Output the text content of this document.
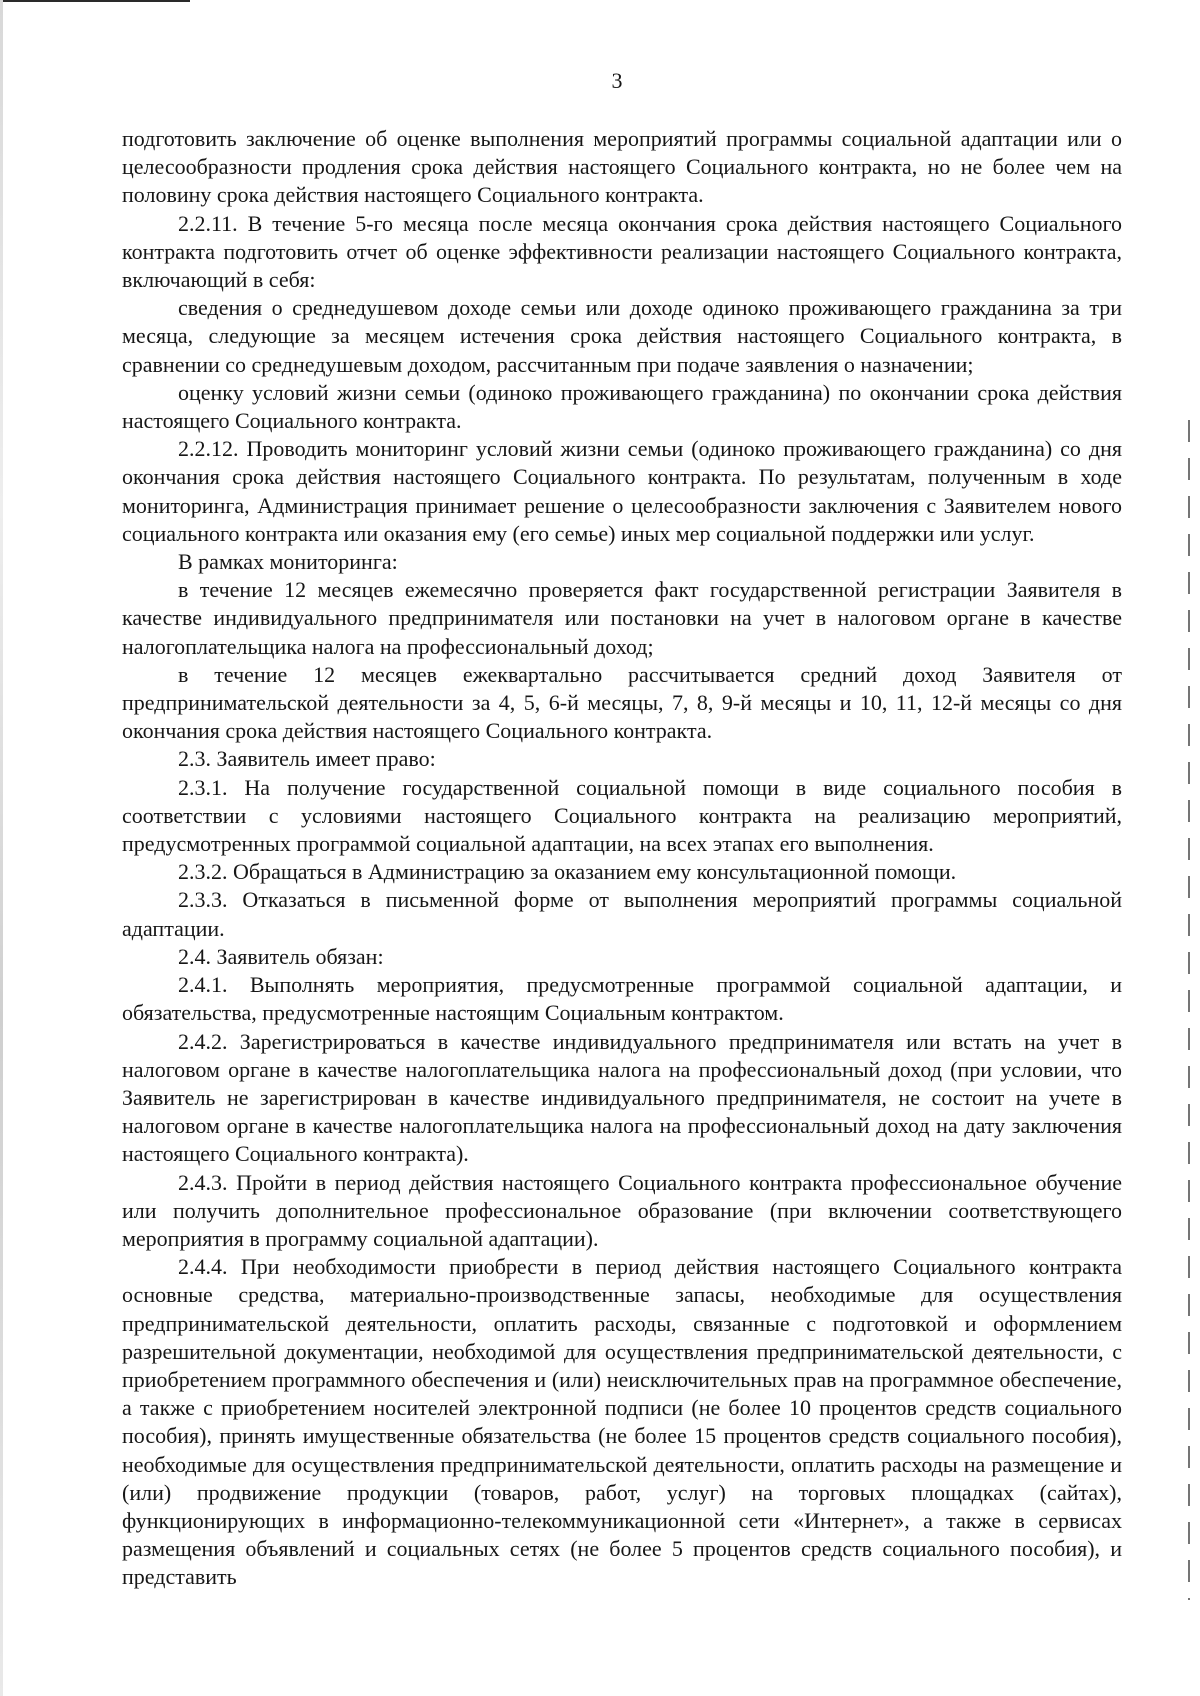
3

подготовить заключение об оценке выполнения мероприятий программы социальной адаптации или о целесообразности продления срока действия настоящего Социального контракта, но не более чем на половину срока действия настоящего Социального контракта.

2.2.11. В течение 5-го месяца после месяца окончания срока действия настоящего Социального контракта подготовить отчет об оценке эффективности реализации настоящего Социального контракта, включающий в себя:

сведения о среднедушевом доходе семьи или доходе одиноко проживающего гражданина за три месяца, следующие за месяцем истечения срока действия настоящего Социального контракта, в сравнении со среднедушевым доходом, рассчитанным при подаче заявления о назначении;

оценку условий жизни семьи (одиноко проживающего гражданина) по окончании срока действия настоящего Социального контракта.

2.2.12. Проводить мониторинг условий жизни семьи (одиноко проживающего гражданина) со дня окончания срока действия настоящего Социального контракта. По результатам, полученным в ходе мониторинга, Администрация принимает решение о целесообразности заключения с Заявителем нового социального контракта или оказания ему (его семье) иных мер социальной поддержки или услуг.

В рамках мониторинга:

в течение 12 месяцев ежемесячно проверяется факт государственной регистрации Заявителя в качестве индивидуального предпринимателя или постановки на учет в налоговом органе в качестве налогоплательщика налога на профессиональный доход;

в течение 12 месяцев ежеквартально рассчитывается средний доход Заявителя от предпринимательской деятельности за 4, 5, 6-й месяцы, 7, 8, 9-й месяцы и 10, 11, 12-й месяцы со дня окончания срока действия настоящего Социального контракта.

2.3. Заявитель имеет право:

2.3.1. На получение государственной социальной помощи в виде социального пособия в соответствии с условиями настоящего Социального контракта на реализацию мероприятий, предусмотренных программой социальной адаптации, на всех этапах его выполнения.

2.3.2. Обращаться в Администрацию за оказанием ему консультационной помощи.

2.3.3. Отказаться в письменной форме от выполнения мероприятий программы социальной адаптации.

2.4. Заявитель обязан:

2.4.1. Выполнять мероприятия, предусмотренные программой социальной адаптации, и обязательства, предусмотренные настоящим Социальным контрактом.

2.4.2. Зарегистрироваться в качестве индивидуального предпринимателя или встать на учет в налоговом органе в качестве налогоплательщика налога на профессиональный доход (при условии, что Заявитель не зарегистрирован в качестве индивидуального предпринимателя, не состоит на учете в налоговом органе в качестве налогоплательщика налога на профессиональный доход на дату заключения настоящего Социального контракта).

2.4.3. Пройти в период действия настоящего Социального контракта профессиональное обучение или получить дополнительное профессиональное образование (при включении соответствующего мероприятия в программу социальной адаптации).

2.4.4. При необходимости приобрести в период действия настоящего Социального контракта основные средства, материально-производственные запасы, необходимые для осуществления предпринимательской деятельности, оплатить расходы, связанные с подготовкой и оформлением разрешительной документации, необходимой для осуществления предпринимательской деятельности, с приобретением программного обеспечения и (или) неисключительных прав на программное обеспечение, а также с приобретением носителей электронной подписи (не более 10 процентов средств социального пособия), принять имущественные обязательства (не более 15 процентов средств социального пособия), необходимые для осуществления предпринимательской деятельности, оплатить расходы на размещение и (или) продвижение продукции (товаров, работ, услуг) на торговых площадках (сайтах), функционирующих в информационно-телекоммуникационной сети «Интернет», а также в сервисах размещения объявлений и социальных сетях (не более 5 процентов средств социального пособия), и представить
